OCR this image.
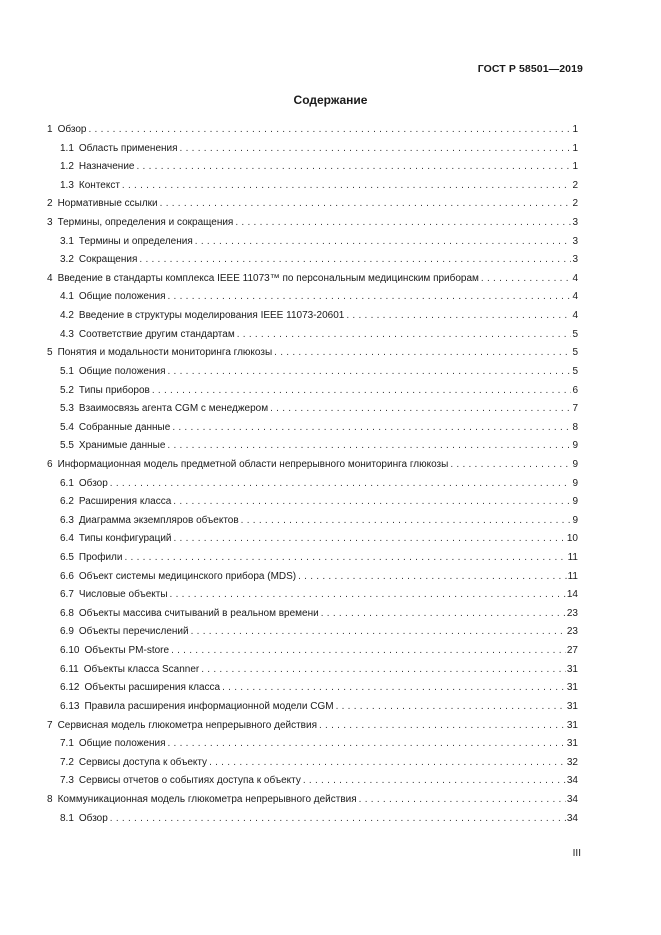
ГОСТ Р 58501—2019
Содержание
1 Обзор . . .	1
1.1 Область применения . . .	1
1.2 Назначение . . .	1
1.3 Контекст . . .	2
2 Нормативные ссылки . . .	2
3 Термины, определения и сокращения . . .	3
3.1 Термины и определения . . .	3
3.2 Сокращения . . .	3
4 Введение в стандарты комплекса IEEE 11073™ по персональным медицинским приборам . . .	4
4.1 Общие положения . . .	4
4.2 Введение в структуры моделирования IEEE 11073-20601 . . .	4
4.3 Соответствие другим стандартам . . .	5
5 Понятия и модальности мониторинга глюкозы . . .	5
5.1 Общие положения . . .	5
5.2 Типы приборов . . .	6
5.3 Взаимосвязь агента CGM с менеджером . . .	7
5.4 Собранные данные . . .	8
5.5 Хранимые данные . . .	9
6 Информационная модель предметной области непрерывного мониторинга глюкозы . . .	9
6.1 Обзор . . .	9
6.2 Расширения класса . . .	9
6.3 Диаграмма экземпляров объектов . . .	9
6.4 Типы конфигураций . . .	10
6.5 Профили . . .	11
6.6 Объект системы медицинского прибора (MDS) . . .	11
6.7 Числовые объекты . . .	14
6.8 Объекты массива считываний в реальном времени . . .	23
6.9 Объекты перечислений . . .	23
6.10 Объекты PM-store . . .	27
6.11 Объекты класса Scanner . . .	31
6.12 Объекты расширения класса . . .	31
6.13 Правила расширения информационной модели CGM . . .	31
7 Сервисная модель глюкометра непрерывного действия . . .	31
7.1 Общие положения . . .	31
7.2 Сервисы доступа к объекту . . .	32
7.3 Сервисы отчетов о событиях доступа к объекту . . .	34
8 Коммуникационная модель глюкометра непрерывного действия . . .	34
8.1 Обзор . . .	34
III
